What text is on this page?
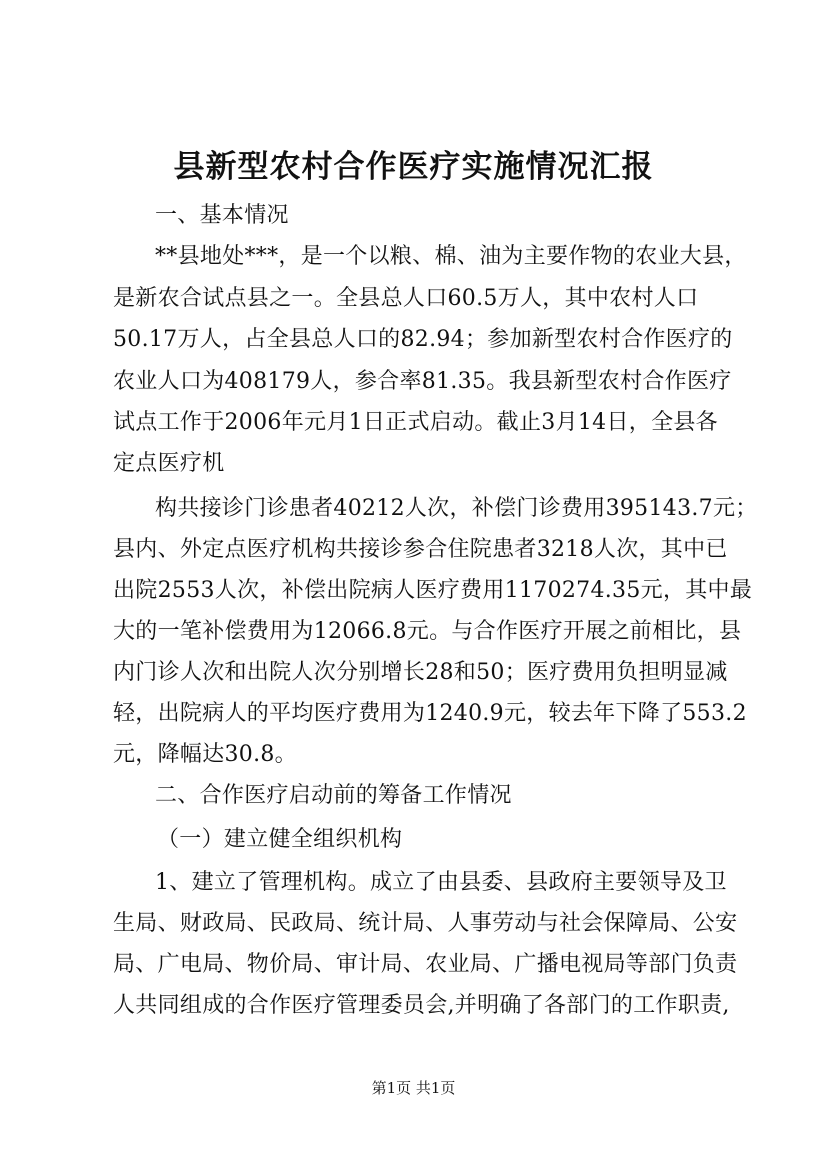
县新型农村合作医疗实施情况汇报
一、基本情况
**县地处***，是一个以粮、棉、油为主要作物的农业大县，
是新农合试点县之一。全县总人口60.5万人，其中农村人口
50.17万人，占全县总人口的82.94；参加新型农村合作医疗的
农业人口为408179人，参合率81.35。我县新型农村合作医疗
试点工作于2006年元月1日正式启动。截止3月14日，全县各
定点医疗机
构共接诊门诊患者40212人次，补偿门诊费用395143.7元；
县内、外定点医疗机构共接诊参合住院患者3218人次，其中已
出院2553人次，补偿出院病人医疗费用1170274.35元，其中最
大的一笔补偿费用为12066.8元。与合作医疗开展之前相比，县
内门诊人次和出院人次分别增长28和50；医疗费用负担明显减
轻，出院病人的平均医疗费用为1240.9元，较去年下降了553.2
元，降幅达30.8。
二、合作医疗启动前的筹备工作情况
（一）建立健全组织机构
1、建立了管理机构。成立了由县委、县政府主要领导及卫
生局、财政局、民政局、统计局、人事劳动与社会保障局、公安
局、广电局、物价局、审计局、农业局、广播电视局等部门负责
人共同组成的合作医疗管理委员会,并明确了各部门的工作职责,
第1页 共1页
